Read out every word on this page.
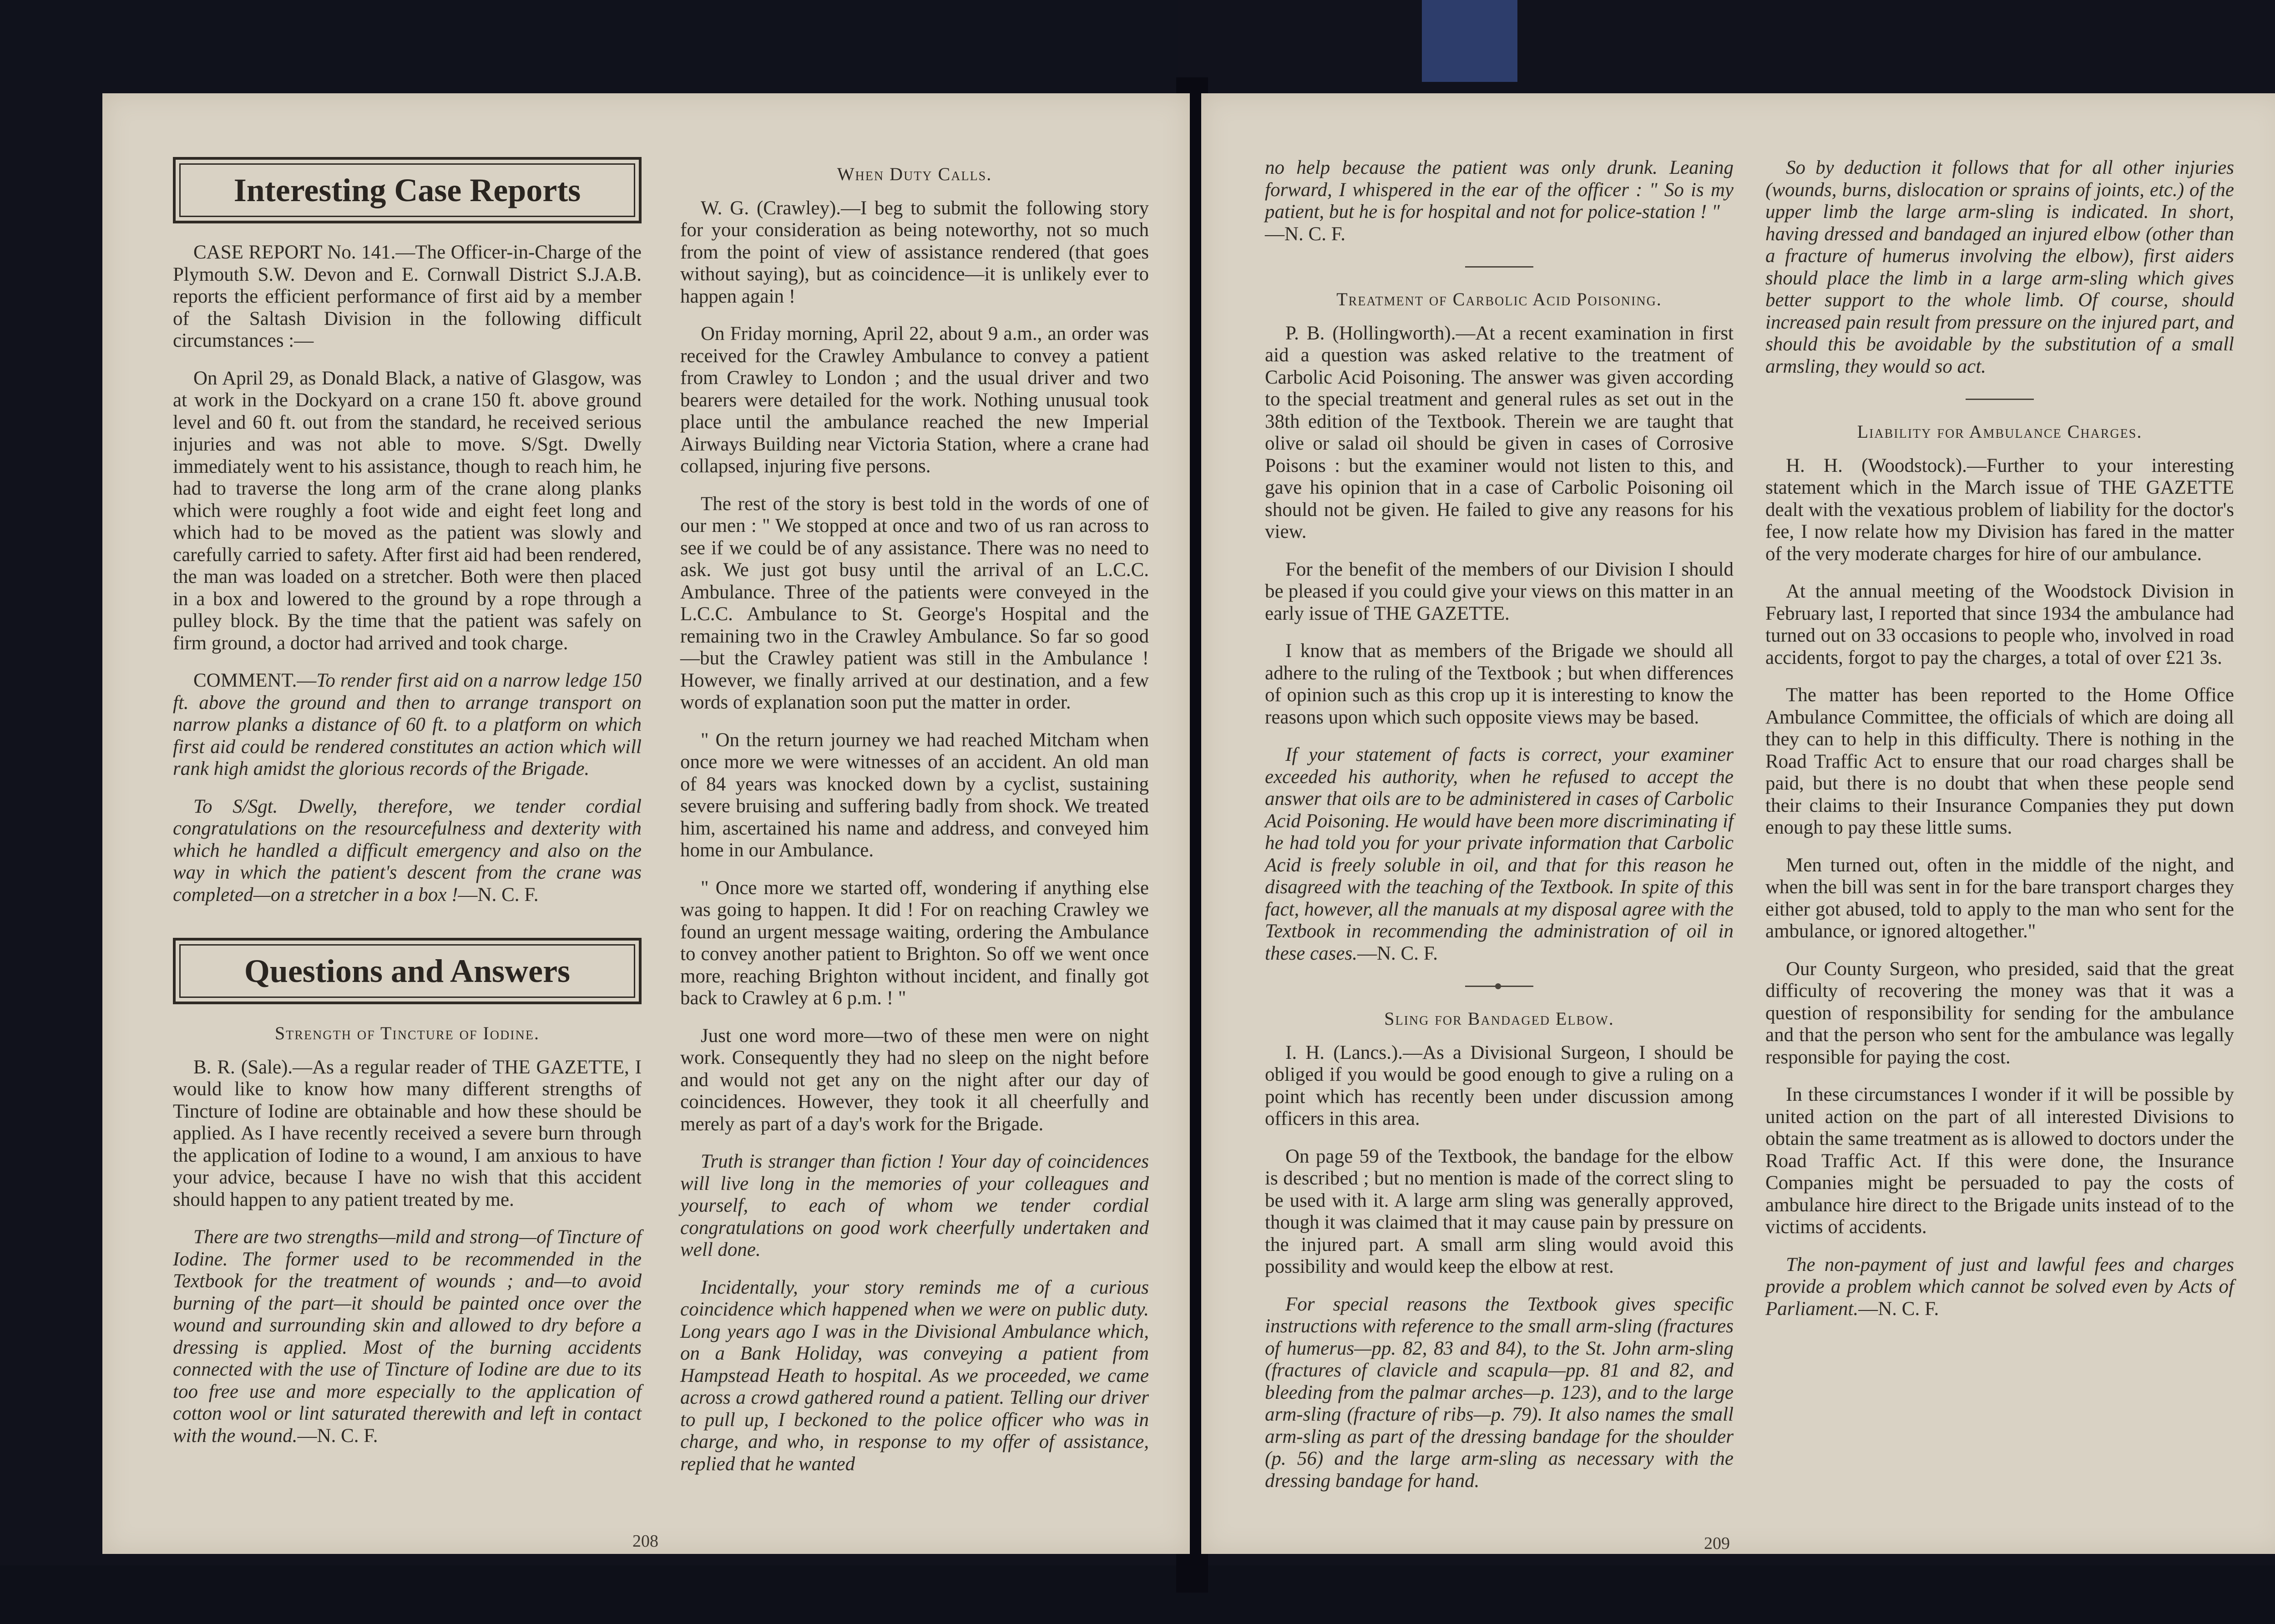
Interesting Case Reports

CASE REPORT No. 141.—The Officer-in-Charge of the Plymouth S.W. Devon and E. Cornwall District S.J.A.B. reports the efficient performance of first aid by a member of the Saltash Division in the following difficult circumstances :—

On April 29, as Donald Black, a native of Glasgow, was at work in the Dockyard on a crane 150 ft. above ground level and 60 ft. out from the standard, he received serious injuries and was not able to move. S/Sgt. Dwelly immediately went to his assistance, though to reach him, he had to traverse the long arm of the crane along planks which were roughly a foot wide and eight feet long and which had to be moved as the patient was slowly and carefully carried to safety. After first aid had been rendered, the man was loaded on a stretcher. Both were then placed in a box and lowered to the ground by a rope through a pulley block. By the time that the patient was safely on firm ground, a doctor had arrived and took charge.

COMMENT.—To render first aid on a narrow ledge 150 ft. above the ground and then to arrange transport on narrow planks a distance of 60 ft. to a platform on which first aid could be rendered constitutes an action which will rank high amidst the glorious records of the Brigade.

To S/Sgt. Dwelly, therefore, we tender cordial congratulations on the resourcefulness and dexterity with which he handled a difficult emergency and also on the way in which the patient's descent from the crane was completed—on a stretcher in a box !—N. C. F.

Questions and Answers
Strength of Tincture of Iodine.

B. R. (Sale).—As a regular reader of THE GAZETTE, I would like to know how many different strengths of Tincture of Iodine are obtainable and how these should be applied. As I have recently received a severe burn through the application of Iodine to a wound, I am anxious to have your advice, because I have no wish that this accident should happen to any patient treated by me.

There are two strengths—mild and strong—of Tincture of Iodine. The former used to be recommended in the Textbook for the treatment of wounds ; and—to avoid burning of the part—it should be painted once over the wound and surrounding skin and allowed to dry before a dressing is applied. Most of the burning accidents connected with the use of Tincture of Iodine are due to its too free use and more especially to the application of cotton wool or lint saturated therewith and left in contact with the wound.—N. C. F.

When Duty Calls.

W. G. (Crawley).—I beg to submit the following story for your consideration as being noteworthy, not so much from the point of view of assistance rendered (that goes without saying), but as coincidence—it is unlikely ever to happen again !

On Friday morning, April 22, about 9 a.m., an order was received for the Crawley Ambulance to convey a patient from Crawley to London ; and the usual driver and two bearers were detailed for the work. Nothing unusual took place until the ambulance reached the new Imperial Airways Building near Victoria Station, where a crane had collapsed, injuring five persons.

The rest of the story is best told in the words of one of our men : " We stopped at once and two of us ran across to see if we could be of any assistance. There was no need to ask. We just got busy until the arrival of an L.C.C. Ambulance. Three of the patients were conveyed in the L.C.C. Ambulance to St. George's Hospital and the remaining two in the Crawley Ambulance. So far so good—but the Crawley patient was still in the Ambulance ! However, we finally arrived at our destination, and a few words of explanation soon put the matter in order.

" On the return journey we had reached Mitcham when once more we were witnesses of an accident. An old man of 84 years was knocked down by a cyclist, sustaining severe bruising and suffering badly from shock. We treated him, ascertained his name and address, and conveyed him home in our Ambulance.

" Once more we started off, wondering if anything else was going to happen. It did ! For on reaching Crawley we found an urgent message waiting, ordering the Ambulance to convey another patient to Brighton. So off we went once more, reaching Brighton without incident, and finally got back to Crawley at 6 p.m. ! "

Just one word more—two of these men were on night work. Consequently they had no sleep on the night before and would not get any on the night after our day of coincidences. However, they took it all cheerfully and merely as part of a day's work for the Brigade.

Truth is stranger than fiction ! Your day of coincidences will live long in the memories of your colleagues and yourself, to each of whom we tender cordial congratulations on good work cheerfully undertaken and well done.

Incidentally, your story reminds me of a curious coincidence which happened when we were on public duty. Long years ago I was in the Divisional Ambulance which, on a Bank Holiday, was conveying a patient from Hampstead Heath to hospital. As we proceeded, we came across a crowd gathered round a patient. Telling our driver to pull up, I beckoned to the police officer who was in charge, and who, in response to my offer of assistance, replied that he wanted

208

no help because the patient was only drunk. Leaning forward, I whispered in the ear of the officer : " So is my patient, but he is for hospital and not for police-station ! "
—N. C. F.

Treatment of Carbolic Acid Poisoning.

P. B. (Hollingworth).—At a recent examination in first aid a question was asked relative to the treatment of Carbolic Acid Poisoning. The answer was given according to the special treatment and general rules as set out in the 38th edition of the Textbook. Therein we are taught that olive or salad oil should be given in cases of Corrosive Poisons : but the examiner would not listen to this, and gave his opinion that in a case of Carbolic Poisoning oil should not be given. He failed to give any reasons for his view.

For the benefit of the members of our Division I should be pleased if you could give your views on this matter in an early issue of THE GAZETTE.

I know that as members of the Brigade we should all adhere to the ruling of the Textbook ; but when differences of opinion such as this crop up it is interesting to know the reasons upon which such opposite views may be based.

If your statement of facts is correct, your examiner exceeded his authority, when he refused to accept the answer that oils are to be administered in cases of Carbolic Acid Poisoning. He would have been more discriminating if he had told you for your private information that Carbolic Acid is freely soluble in oil, and that for this reason he disagreed with the teaching of the Textbook. In spite of this fact, however, all the manuals at my disposal agree with the Textbook in recommending the administration of oil in these cases.—N. C. F.

Sling for Bandaged Elbow.

I. H. (Lancs.).—As a Divisional Surgeon, I should be obliged if you would be good enough to give a ruling on a point which has recently been under discussion among officers in this area.

On page 59 of the Textbook, the bandage for the elbow is described ; but no mention is made of the correct sling to be used with it. A large arm sling was generally approved, though it was claimed that it may cause pain by pressure on the injured part. A small arm sling would avoid this possibility and would keep the elbow at rest.

For special reasons the Textbook gives specific instructions with reference to the small arm-sling (fractures of humerus—pp. 82, 83 and 84), to the St. John arm-sling (fractures of clavicle and scapula—pp. 81 and 82, and bleeding from the palmar arches—p. 123), and to the large arm-sling (fracture of ribs—p. 79). It also names the small arm-sling as part of the dressing bandage for the shoulder (p. 56) and the large arm-sling as necessary with the dressing bandage for hand.

So by deduction it follows that for all other injuries (wounds, burns, dislocation or sprains of joints, etc.) of the upper limb the large arm-sling is indicated. In short, having dressed and bandaged an injured elbow (other than a fracture of humerus involving the elbow), first aiders should place the limb in a large arm-sling which gives better support to the whole limb. Of course, should increased pain result from pressure on the injured part, and should this be avoidable by the substitution of a small armsling, they would so act.

Liability for Ambulance Charges.

H. H. (Woodstock).—Further to your interesting statement which in the March issue of THE GAZETTE dealt with the vexatious problem of liability for the doctor's fee, I now relate how my Division has fared in the matter of the very moderate charges for hire of our ambulance.

At the annual meeting of the Woodstock Division in February last, I reported that since 1934 the ambulance had turned out on 33 occasions to people who, involved in road accidents, forgot to pay the charges, a total of over £21 3s.

The matter has been reported to the Home Office Ambulance Committee, the officials of which are doing all they can to help in this difficulty. There is nothing in the Road Traffic Act to ensure that our road charges shall be paid, but there is no doubt that when these people send their claims to their Insurance Companies they put down enough to pay these little sums.

Men turned out, often in the middle of the night, and when the bill was sent in for the bare transport charges they either got abused, told to apply to the man who sent for the ambulance, or ignored altogether."

Our County Surgeon, who presided, said that the great difficulty of recovering the money was that it was a question of responsibility for sending for the ambulance and that the person who sent for the ambulance was legally responsible for paying the cost.

In these circumstances I wonder if it will be possible by united action on the part of all interested Divisions to obtain the same treatment as is allowed to doctors under the Road Traffic Act. If this were done, the Insurance Companies might be persuaded to pay the costs of ambulance hire direct to the Brigade units instead of to the victims of accidents.

The non-payment of just and lawful fees and charges provide a problem which cannot be solved even by Acts of Parliament.—N. C. F.

209
